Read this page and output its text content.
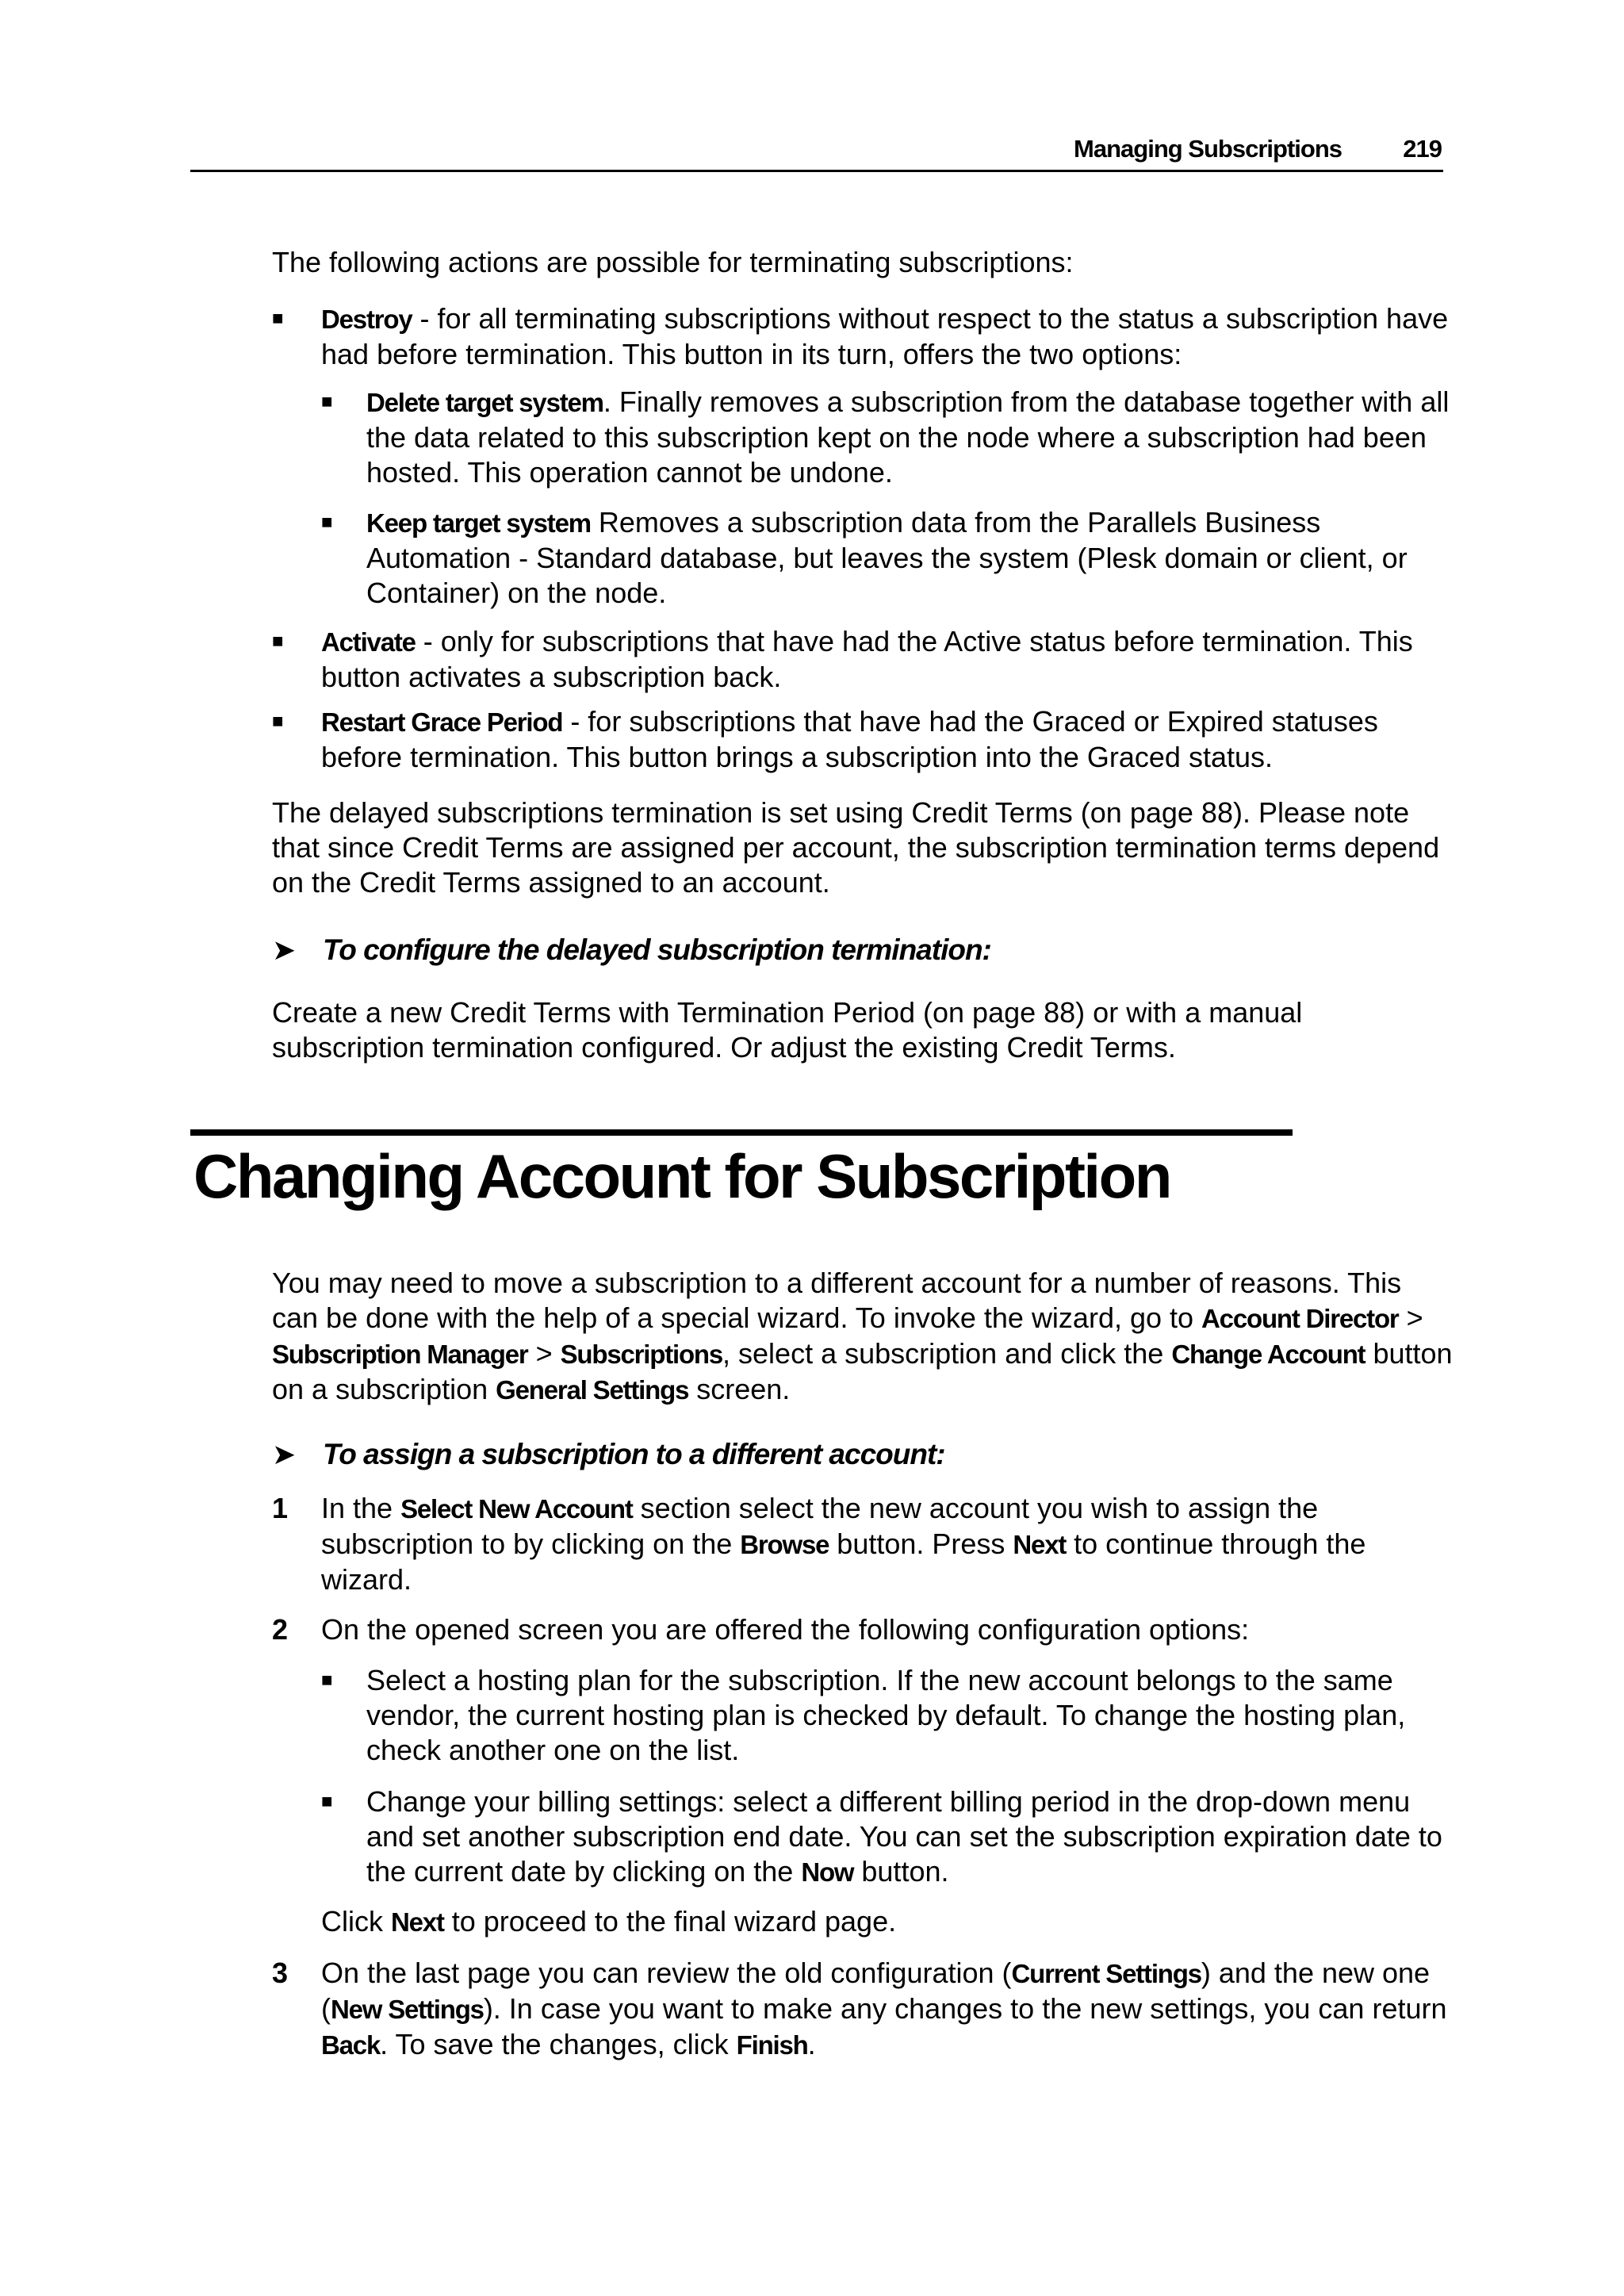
Managing Subscriptions 219

The following actions are possible for terminating subscriptions:

■ Destroy - for all terminating subscriptions without respect to the status a subscription have had before termination. This button in its turn, offers the two options:

■ Delete target system. Finally removes a subscription from the database together with all the data related to this subscription kept on the node where a subscription had been hosted. This operation cannot be undone.

■ Keep target system Removes a subscription data from the Parallels Business Automation - Standard database, but leaves the system (Plesk domain or client, or Container) on the node.

■ Activate - only for subscriptions that have had the Active status before termination. This button activates a subscription back.

■ Restart Grace Period - for subscriptions that have had the Graced or Expired statuses before termination. This button brings a subscription into the Graced status.

The delayed subscriptions termination is set using Credit Terms (on page 88). Please note that since Credit Terms are assigned per account, the subscription termination terms depend on the Credit Terms assigned to an account.

➤ To configure the delayed subscription termination:

Create a new Credit Terms with Termination Period (on page 88) or with a manual subscription termination configured. Or adjust the existing Credit Terms.

Changing Account for Subscription

You may need to move a subscription to a different account for a number of reasons. This can be done with the help of a special wizard. To invoke the wizard, go to Account Director > Subscription Manager > Subscriptions, select a subscription and click the Change Account button on a subscription General Settings screen.

➤ To assign a subscription to a different account:
1 In the Select New Account section select the new account you wish to assign the subscription to by clicking on the Browse button. Press Next to continue through the wizard.

2 On the opened screen you are offered the following configuration options:

■ Select a hosting plan for the subscription. If the new account belongs to the same vendor, the current hosting plan is checked by default. To change the hosting plan, check another one on the list.

■ Change your billing settings: select a different billing period in the drop-down menu and set another subscription end date. You can set the subscription expiration date to the current date by clicking on the Now button.

Click Next to proceed to the final wizard page.

3 On the last page you can review the old configuration (Current Settings) and the new one (New Settings). In case you want to make any changes to the new settings, you can return Back. To save the changes, click Finish.
